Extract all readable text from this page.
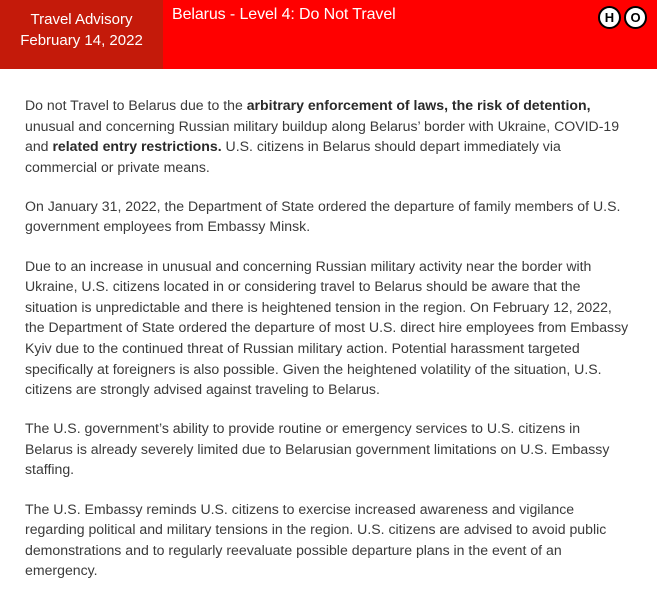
Travel Advisory
February 14, 2022
Belarus - Level 4: Do Not Travel	H	O

Do not Travel to Belarus due to the arbitrary enforcement of laws, the risk of detention, unusual and concerning Russian military buildup along Belarus’ border with Ukraine, COVID-19 and related entry restrictions. U.S. citizens in Belarus should depart immediately via commercial or private means.

On January 31, 2022, the Department of State ordered the departure of family members of U.S. government employees from Embassy Minsk.

Due to an increase in unusual and concerning Russian military activity near the border with Ukraine, U.S. citizens located in or considering travel to Belarus should be aware that the situation is unpredictable and there is heightened tension in the region. On February 12, 2022, the Department of State ordered the departure of most U.S. direct hire employees from Embassy Kyiv due to the continued threat of Russian military action. Potential harassment targeted specifically at foreigners is also possible. Given the heightened volatility of the situation, U.S. citizens are strongly advised against traveling to Belarus.

The U.S. government’s ability to provide routine or emergency services to U.S. citizens in Belarus is already severely limited due to Belarusian government limitations on U.S. Embassy staffing.

The U.S. Embassy reminds U.S. citizens to exercise increased awareness and vigilance regarding political and military tensions in the region. U.S. citizens are advised to avoid public demonstrations and to regularly reevaluate possible departure plans in the event of an emergency.
